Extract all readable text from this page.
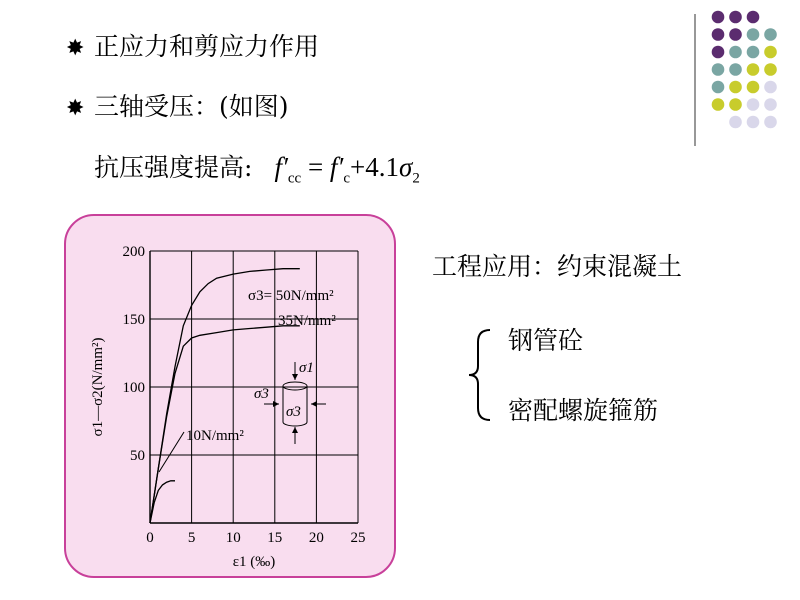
✸ 正应力和剪应力作用
✸ 三轴受压：(如图)
抗压强度提高: $f'_{cc} = f'_c+4.1\sigma_2$
0 5 10 15 20 25
50
100
150
200
ε1 (‰)
σ1—σ2(N/mm²)
σ3= 50N/mm²
35N/mm²
10N/mm²
σ1
σ3
σ3
工程应用：约束混凝土
钢管砼
密配螺旋箍筋
